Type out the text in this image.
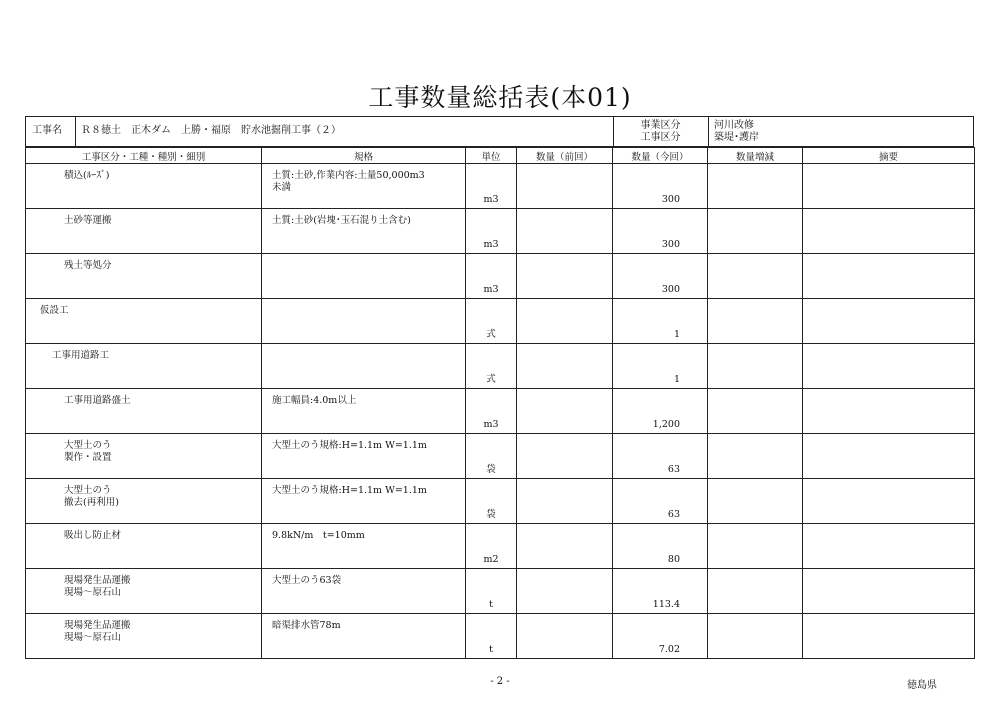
工事数量総括表(本01)
工事名 Ｒ８徳土　正木ダム　上勝・福原　貯水池掘削工事（２）	事業区分
工事区分
河川改修
築堤･護岸
工事区分・工種・種別・細別	規格	単位	数量（前回）	数量（今回）	数量増減	摘要

積込(ﾙｰｽﾞ)	土質:土砂,作業内容:土量50,000m3
未満	m3		300		

土砂等運搬	土質:土砂(岩塊･玉石混り土含む)	m3		300		

残土等処分		m3		300		

仮設工		式		1		

工事用道路工		式		1		

工事用道路盛土	施工幅員:4.0m以上	m3		1,200		

大型土のう
製作・設置	大型土のう規格:H=1.1m W=1.1m	袋		63		

大型土のう
撤去(再利用)	大型土のう規格:H=1.1m W=1.1m	袋		63		

吸出し防止材	9.8kN/m　t=10mm	m2		80		

現場発生品運搬
現場～原石山	大型土のう63袋	t		113.4		

現場発生品運搬
現場～原石山	暗渠排水管78m	t		7.02		

- 2 -	徳島県
